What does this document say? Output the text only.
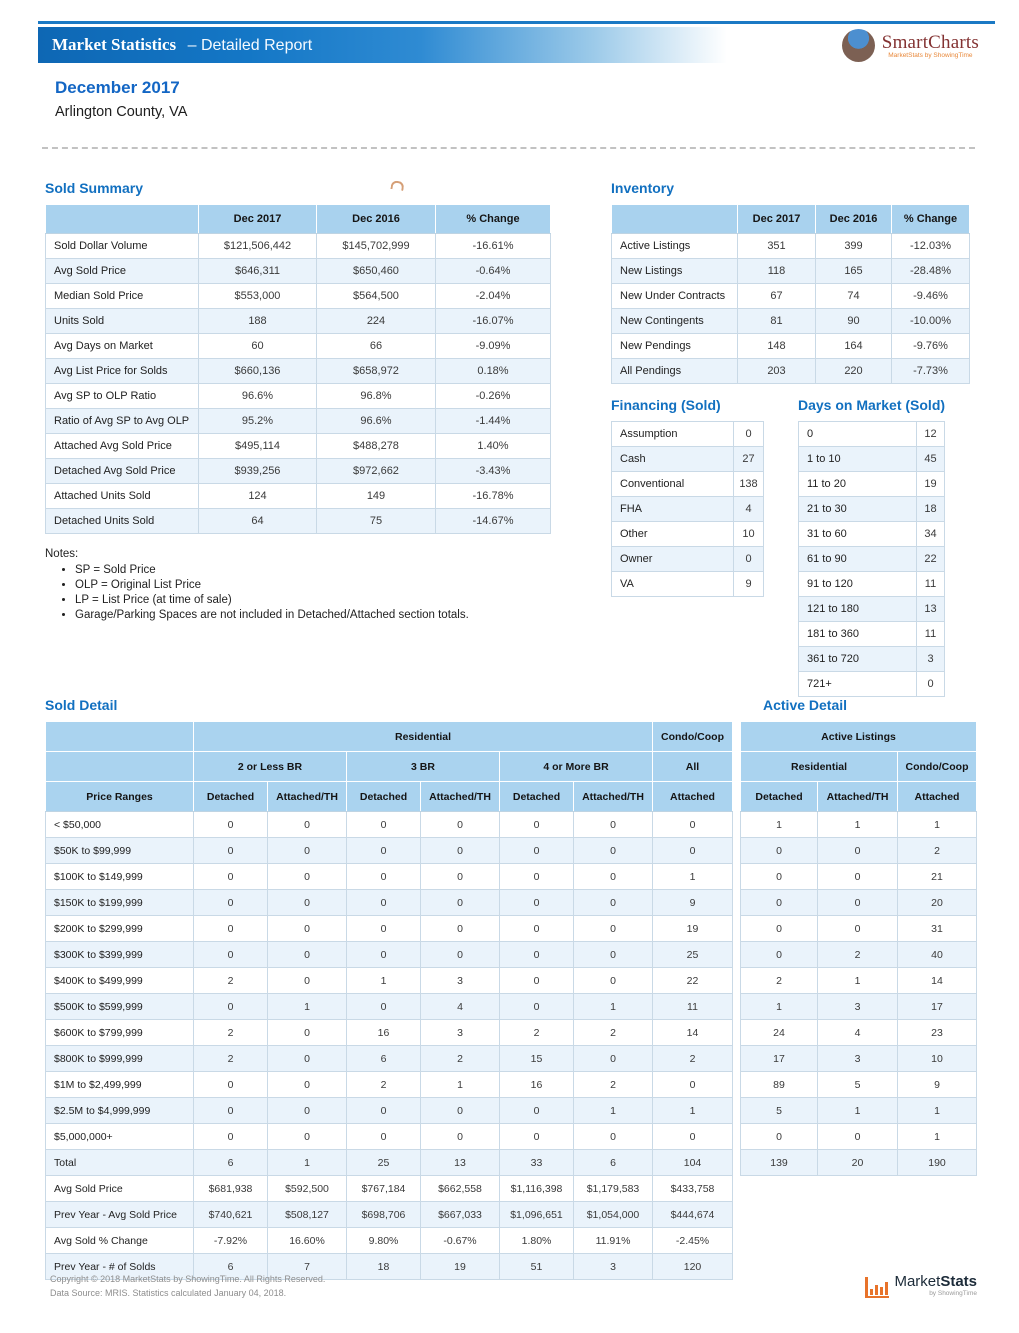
Market Statistics – Detailed Report	SmartCharts
MarketStats by ShowingTime
December 2017
Arlington County, VA
Sold Summary
	Dec 2017	Dec 2016	% Change
Sold Dollar Volume	$121,506,442	$145,702,999	-16.61%
Avg Sold Price	$646,311	$650,460	-0.64%
Median Sold Price	$553,000	$564,500	-2.04%
Units Sold	188	224	-16.07%
Avg Days on Market	60	66	-9.09%
Avg List Price for Solds	$660,136	$658,972	0.18%
Avg SP to OLP Ratio	96.6%	96.8%	-0.26%
Ratio of Avg SP to Avg OLP	95.2%	96.6%	-1.44%
Attached Avg Sold Price	$495,114	$488,278	1.40%
Detached Avg Sold Price	$939,256	$972,662	-3.43%
Attached Units Sold	124	149	-16.78%
Detached Units Sold	64	75	-14.67%
Notes:
• SP = Sold Price
• OLP = Original List Price
• LP = List Price (at time of sale)
• Garage/Parking Spaces are not included in Detached/Attached section totals.
Inventory
	Dec 2017	Dec 2016	% Change
Active Listings	351	399	-12.03%
New Listings	118	165	-28.48%
New Under Contracts	67	74	-9.46%
New Contingents	81	90	-10.00%
New Pendings	148	164	-9.76%
All Pendings	203	220	-7.73%
Financing (Sold)
Assumption	0
Cash	27
Conventional	138
FHA	4
Other	10
Owner	0
VA	9
Days on Market (Sold)
0	12
1 to 10	45
11 to 20	19
21 to 30	18
31 to 60	34
61 to 90	22
91 to 120	11
121 to 180	13
181 to 360	11
361 to 720	3
721+	0
Sold Detail	Active Detail
	Residential						Condo/Coop		Active Listings		
	2 or Less BR		3 BR		4 or More BR		All		Residential		Condo/Coop
Price Ranges	Detached	Attached/TH	Detached	Attached/TH	Detached	Attached/TH	Attached		Detached	Attached/TH	Attached
< $50,000	0	0	0	0	0	0	0		1	1	1
$50K to $99,999	0	0	0	0	0	0	0		0	0	2
$100K to $149,999	0	0	0	0	0	0	1		0	0	21
$150K to $199,999	0	0	0	0	0	0	9		0	0	20
$200K to $299,999	0	0	0	0	0	0	19		0	0	31
$300K to $399,999	0	0	0	0	0	0	25		0	2	40
$400K to $499,999	2	0	1	3	0	0	22		2	1	14
$500K to $599,999	0	1	0	4	0	1	11		1	3	17
$600K to $799,999	2	0	16	3	2	2	14		24	4	23
$800K to $999,999	2	0	6	2	15	0	2		17	3	10
$1M to $2,499,999	0	0	2	1	16	2	0		89	5	9
$2.5M to $4,999,999	0	0	0	0	0	1	1		5	1	1
$5,000,000+	0	0	0	0	0	0	0		0	0	1
Total	6	1	25	13	33	6	104		139	20	190
Avg Sold Price	$681,938	$592,500	$767,184	$662,558	$1,116,398	$1,179,583	$433,758				
Prev Year - Avg Sold Price	$740,621	$508,127	$698,706	$667,033	$1,096,651	$1,054,000	$444,674				
Avg Sold % Change	-7.92%	16.60%	9.80%	-0.67%	1.80%	11.91%	-2.45%				
Prev Year - # of Solds	6	7	18	19	51	3	120				
Copyright © 2018 MarketStats by ShowingTime. All Rights Reserved.
Data Source: MRIS. Statistics calculated January 04, 2018.
MarketStats
by ShowingTime
